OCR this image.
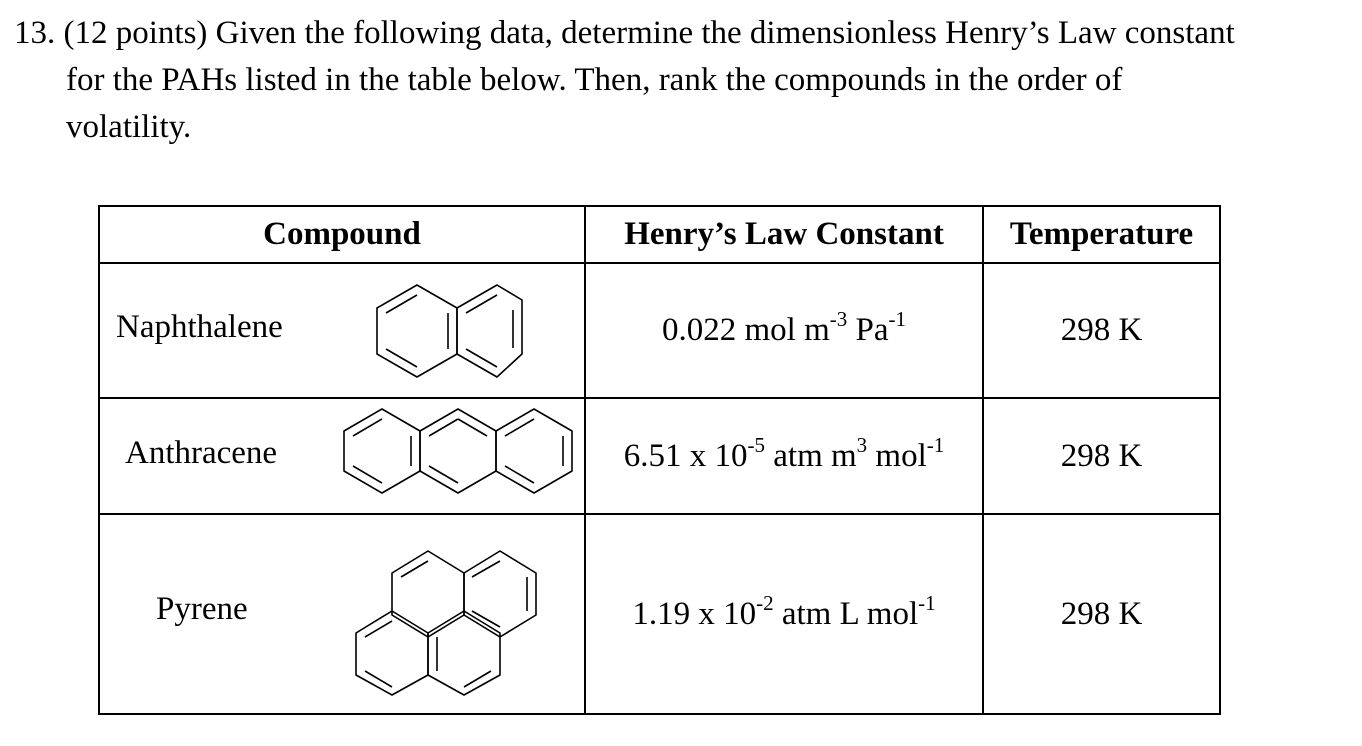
13. (12 points) Given the following data, determine the dimensionless Henry’s Law constant
for the PAHs listed in the table below. Then, rank the compounds in the order of
volatility.
Compound	Henry’s Law Constant	Temperature

Naphthalene	0.022 mol $m^{-3}$ $Pa^{-1}$	298 K

Anthracene	6.51 x $10^{-5}$ atm $m^3$ mol$^{-1}$	298 K

Pyrene	1.19 x $10^{-2}$ atm L mol$^{-1}$	298 K
